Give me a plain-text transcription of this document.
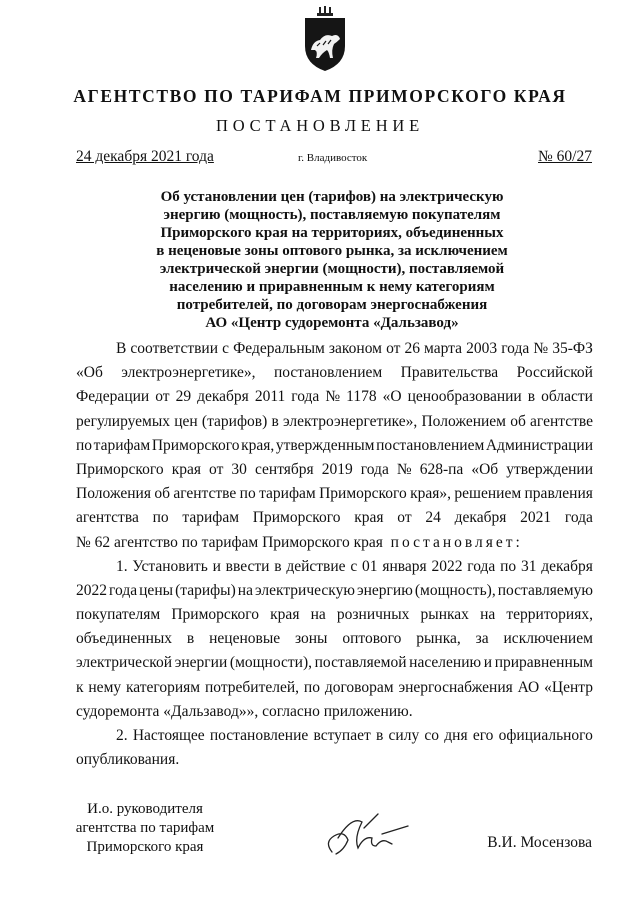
АГЕНТСТВО ПО ТАРИФАМ ПРИМОРСКОГО КРАЯ
ПОСТАНОВЛЕНИЕ
24 декабря 2021 года	г. Владивосток	№ 60/27
Об установлении цен (тарифов) на электрическую
энергию (мощность), поставляемую покупателям
Приморского края на территориях, объединенных
в неценовые зоны оптового рынка, за исключением
электрической энергии (мощности), поставляемой
населению и приравненным к нему категориям
потребителей, по договорам энергоснабжения
АО «Центр судоремонта «Дальзавод»
В соответствии с Федеральным законом от 26 марта 2003 года № 35-ФЗ
«Об электроэнергетике», постановлением Правительства Российской
Федерации от 29 декабря 2011 года № 1178 «О ценообразовании в области
регулируемых цен (тарифов) в электроэнергетике», Положением об агентстве
по тарифам Приморского края, утвержденным постановлением Администрации
Приморского края от 30 сентября 2019 года № 628-па «Об утверждении
Положения об агентстве по тарифам Приморского края», решением правления
агентства по тарифам Приморского края от 24 декабря 2021 года
№ 62 агентство по тарифам Приморского края
постановляет:
1. Установить и ввести в действие с 01 января 2022 года по 31 декабря
2022 года цены (тарифы) на электрическую энергию (мощность), поставляемую
покупателям Приморского края на розничных рынках на территориях,
объединенных в неценовые зоны оптового рынка, за исключением
электрической энергии (мощности), поставляемой населению и приравненным
к нему категориям потребителей, по договорам энергоснабжения АО «Центр
судоремонта «Дальзавод»», согласно приложению.
2. Настоящее постановление вступает в силу со дня его официального
опубликования.
И.о. руководителя
агентства по тарифам
Приморского края	В.И. Мосензова
